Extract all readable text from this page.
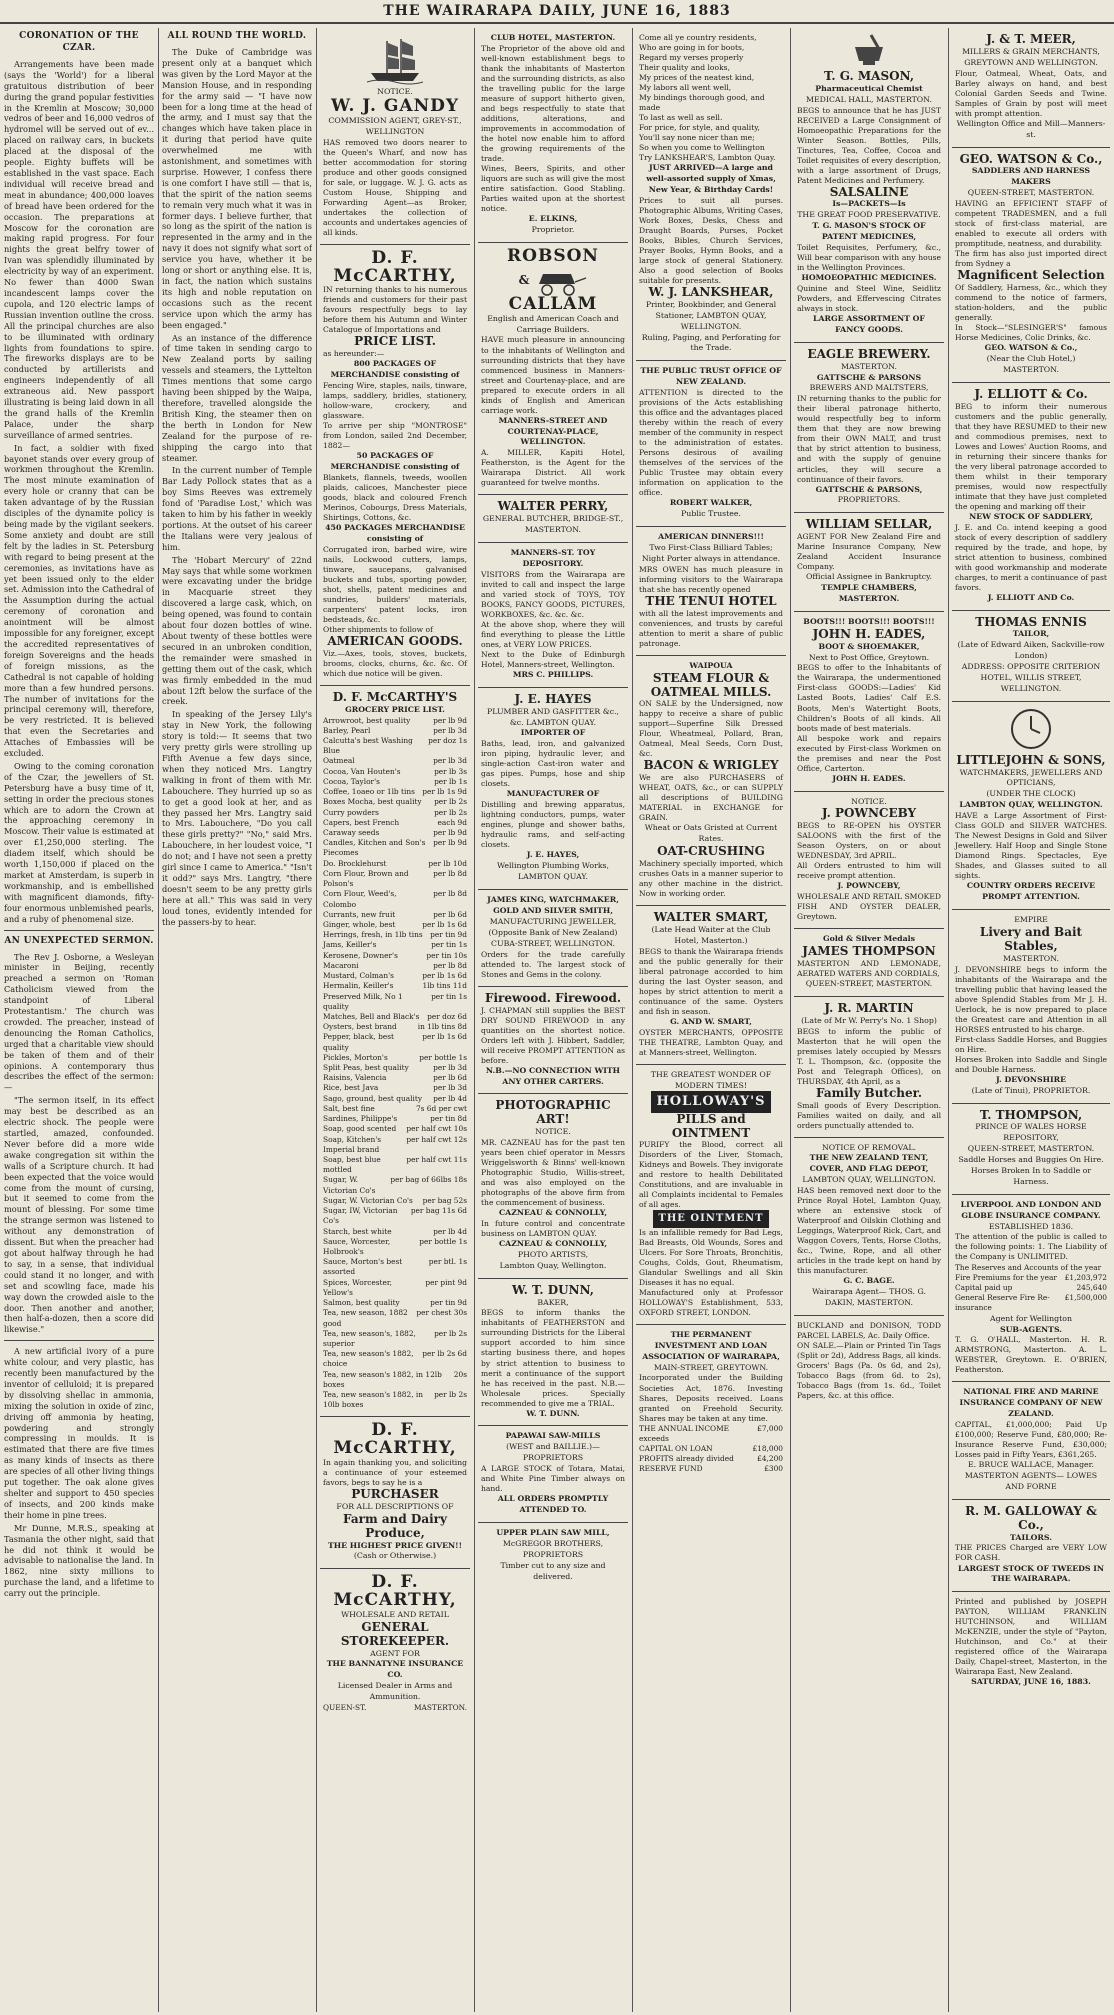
THE WAIRARAPA DAILY, JUNE 16, 1883
CORONATION OF THE CZAR.

Arrangements have been made (says the 'World') for a liberal gratuitous distribution of beer during the grand popular festivities in the Kremlin at Moscow; 30,000 vedros of beer and 16,000 vedros of hydromel will be served out of ev... placed on railway cars, in buckets placed at the disposal of the people. Eighty buffets will be established in the vast space. Each individual will receive bread and meat in abundance; 400,000 loaves of bread have been ordered for the occasion. The preparations at Moscow for the coronation are making rapid progress. For four nights the great belfry tower of Ivan was splendidly illuminated by electricity by way of an experiment. No fewer than 4000 Swan incandescent lamps cover the cupola, and 120 electric lamps of Russian invention outline the cross. All the principal churches are also to be illuminated with ordinary lights from foundations to spire. The fireworks displays are to be conducted by artillerists and engineers independently of all extraneous aid. New passport illustrating is being laid down in all the grand halls of the Kremlin Palace, under the sharp surveillance of armed sentries.

In fact, a soldier with fixed bayonet stands over every group of workmen throughout the Kremlin. The most minute examination of every hole or cranny that can be taken advantage of by the Russian disciples of the dynamite policy is being made by the vigilant seekers. Some anxiety and doubt are still felt by the ladies in St. Petersburg with regard to being present at the ceremonies, as invitations have as yet been issued only to the elder set. Admission into the Cathedral of the Assumption during the actual ceremony of coronation and anointment will be almost impossible for any foreigner, except the accredited representatives of foreign Sovereigns and the heads of foreign missions, as the Cathedral is not capable of holding more than a few hundred persons. The number of invitations for the principal ceremony will, therefore, be very restricted. It is believed that even the Secretaries and Attaches of Embassies will be excluded.

Owing to the coming coronation of the Czar, the jewellers of St. Petersburg have a busy time of it, setting in order the precious stones which are to adorn the Crown at the approaching ceremony in Moscow. Their value is estimated at over £1,250,000 sterling. The diadem itself, which should be worth 1,150,000 if placed on the market at Amsterdam, is superb in workmanship, and is embellished with magnificent diamonds, fifty-four enormous unblemished pearls, and a ruby of phenomenal size.

AN UNEXPECTED SERMON.

The Rev J. Osborne, a Wesleyan minister in Beijing, recently preached a sermon on 'Roman Catholicism viewed from the standpoint of Liberal Protestantism.' The church was crowded. The preacher, instead of denouncing the Roman Catholics, urged that a charitable view should be taken of them and of their opinions. A contemporary thus describes the effect of the sermon:—

"The sermon itself, in its effect may best be described as an electric shock. The people were startled, amazed, confounded. Never before did a more wide awake congregation sit within the walls of a Scripture church. It had been expected that the voice would come from the mount of cursing, but it seemed to come from the mount of blessing. For some time the strange sermon was listened to without any demonstration of dissent. But when the preacher had got about halfway through he had to say, in a sense, that individual could stand it no longer, and with set and scowling face, made his way down the crowded aisle to the door. Then another and another, then half-a-dozen, then a score did likewise."

A new artificial ivory of a pure white colour, and very plastic, has recently been manufactured by the inventor of celluloid; it is prepared by dissolving shellac in ammonia, mixing the solution in oxide of zinc, driving off ammonia by heating, powdering and strongly compressing in moulds. It is estimated that there are five times as many kinds of insects as there are species of all other living things put together. The oak alone gives shelter and support to 450 species of insects, and 200 kinds make their home in pine trees.

Mr Dunne, M.R.S., speaking at Tasmania the other night, said that he did not think it would be advisable to nationalise the land. In 1862, nine sixty millions to purchase the land, and a lifetime to carry out the principle.

ALL ROUND THE WORLD.

The Duke of Cambridge was present only at a banquet which was given by the Lord Mayor at the Mansion House, and in responding for the army said — "I have now been for a long time at the head of the army, and I must say that the changes which have taken place in it during that period have quite overwhelmed me with astonishment, and sometimes with surprise. However, I confess there is one comfort I have still — that is, that the spirit of the nation seems to remain very much what it was in former days. I believe further, that so long as the spirit of the nation is represented in the army and in the navy it does not signify what sort of service you have, whether it be long or short or anything else. It is, in fact, the nation which sustains its high and noble reputation on occasions such as the recent service upon which the army has been engaged."

As an instance of the difference of time taken in sending cargo to New Zealand ports by sailing vessels and steamers, the Lyttelton Times mentions that some cargo having been shipped by the Waipa, therefore, travelled alongside the British King, the steamer then on the berth in London for New Zealand for the purpose of re-shipping the cargo into that steamer.

In the current number of Temple Bar Lady Pollock states that as a boy Sims Reeves was extremely fond of 'Paradise Lost,' which was taken to him by his father in weekly portions. At the outset of his career the Italians were very jealous of him.

The 'Hobart Mercury' of 22nd May says that while some workmen were excavating under the bridge in Macquarie street they discovered a large cask, which, on being opened, was found to contain about four dozen bottles of wine. About twenty of these bottles were secured in an unbroken condition, the remainder were smashed in getting them out of the cask, which was firmly embedded in the mud about 12ft below the surface of the creek.

In speaking of the Jersey Lily's stay in New York, the following story is told:— It seems that two very pretty girls were strolling up Fifth Avenue a few days since, when they noticed Mrs. Langtry walking in front of them with Mr. Labouchere. They hurried up so as to get a good look at her, and as they passed her Mrs. Langtry said to Mrs. Labouchere, "Do you call these girls pretty?" "No," said Mrs. Labouchere, in her loudest voice, "I do not; and I have not seen a pretty girl since I came to America." "Isn't it odd?" says Mrs. Langtry, "there doesn't seem to be any pretty girls here at all." This was said in very loud tones, evidently intended for the passers-by to hear.

NOTICE.
W. J. GANDY
COMMISSION AGENT, GREY-ST., WELLINGTON

HAS removed two doors nearer to the Queen's Wharf, and now has better accommodation for storing produce and other goods consigned for sale, or luggage. W. J. G. acts as Custom House, Shipping and Forwarding Agent—as Broker, undertakes the collection of accounts and undertakes agencies of all kinds.

D. F. McCARTHY,

IN returning thanks to his numerous friends and customers for their past favours respectfully begs to lay before them his Autumn and Winter Catalogue of Importations and

PRICE LIST.

as hereunder:—

800 PACKAGES OF MERCHANDISE consisting of

Fencing Wire, staples, nails, tinware, lamps, saddlery, bridles, stationery, hollow-ware, crockery, and glassware.

To arrive per ship "MONTROSE" from London, sailed 2nd December, 1882—

50 PACKAGES OF MERCHANDISE consisting of

Blankets, flannels, tweeds, woollen plaids, calicoes, Manchester piece goods, black and coloured French Merinos, Cobourgs, Dress Materials, Shirtings, Cottons, &c.

450 PACKAGES MERCHANDISE consisting of

Corrugated iron, barbed wire, wire nails, Lockwood cutters, lamps, tinware, saucepans, galvanised buckets and tubs, sporting powder, shot, shells, patent medicines and sundries, builders' materials, carpenters' patent locks, iron bedsteads, &c.

Other shipments to follow of

AMERICAN GOODS.

Viz.—Axes, tools, stoves, buckets, brooms, clocks, churns, &c. &c. Of which due notice will be given.

D. F. McCARTHY'S
GROCERY PRICE LIST.
Arrowroot, best quality	per lb 9d
Barley, Pearl	per lb 3d
Calcutta's best Washing Blue
per doz 1s
Oatmeal	per lb 3d
Cocoa, Van Houten's	per lb 3s
Cocoa, Taylor's	per lb 1s
Coffee, 1oaeo or 1lb tins per lb 1s 9d
Boxes Mocha, best quality per lb 2s
Curry powders	per lb 2s
Capers, best French	each 9d
Caraway seeds	per lb 9d
Candles, Kitchen and Son's Piecomes
per lb 9d
Do. Brocklehurst	per lb 10d
Corn Flour, Brown and Polson's
per lb 8d
Corn Flour, Weed's, Colombo
per lb 8d
Currants, new fruit	per lb 6d
Ginger, whole, best	per lb 1s 6d
Herrings, fresh, in 1lb tins per tin 9d
Jams, Keiller's	per tin 1s
Kerosene, Downer's	per tin 10s
Macaroni	per lb 8d
Mustard, Colman's	per lb 1s 6d
Hermalin, Keiller's	1lb tins 11d
Preserved Milk, No 1 quality
per tin 1s
Matches, Bell and Black's per doz 6d
Oysters, best brand	in 1lb tins 8d
Pepper, black, best quality
per lb 1s 6d
Pickles, Morton's	per bottle 1s
Split Peas, best quality	per lb 3d
Raisins, Valencia	per lb 6d
Rice, best Java	per lb 3d
Sago, ground, best quality per lb 4d
Salt, best fine	7s 6d per cwt
Sardines, Philippe's	per tin 8d
Soap, good scented per half cwt 10s
Soap, Kitchen's Imperial brand
per half cwt 12s
Soap, best blue mottled
per half cwt 11s
Sugar, W. Victorian Co's
per bag of 66lbs 18s
Sugar, W. Victorian Co's per bag 52s
Sugar, IW, Victorian Co's
per bag 11s 6d
Starch, best white	per lb 4d
Sauce, Worcester, Holbrook's
per bottle 1s
Sauce, Morton's best assorted
per btl. 1s
Spices, Worcester, Yellow's
per pint 9d
Salmon, best quality	per tin 9d
Tea, new season, 1882 good
per chest 30s
Tea, new season's, 1882, superior
per lb 2s
Tea, new season's 1882, choice
per lb 2s 6d
Tea, new season's 1882, in 12lb boxes
20s
Tea, new season's 1882, in 10lb boxes
per lb 2s
D. F. McCARTHY,

In again thanking you, and soliciting a continuance of your esteemed favors, begs to say he is a

PURCHASER
FOR ALL DESCRIPTIONS OF
Farm and Dairy Produce,
THE HIGHEST PRICE GIVEN!!
(Cash or Otherwise.)
D. F. McCARTHY,
WHOLESALE AND RETAIL
GENERAL STOREKEEPER.
AGENT FOR
THE BANNATYNE INSURANCE CO.
Licensed Dealer in Arms and Ammunition.
QUEEN-ST.	MASTERTON.
CLUB HOTEL, MASTERTON.

The Proprietor of the above old and well-known establishment begs to thank the inhabitants of Masterton and the surrounding districts, as also the travelling public for the large measure of support hitherto given, and begs respectfully to state that additions, alterations, and improvements in accommodation of the hotel now enable him to afford the growing requirements of the trade.

Wines, Beers, Spirits, and other liquors are such as will give the most entire satisfaction. Good Stabling. Parties waited upon at the shortest notice.

E. ELKINS,
Proprietor.
ROBSON
&
CALLAM
English and American Coach and Carriage Builders.

HAVE much pleasure in announcing to the inhabitants of Wellington and surrounding districts that they have commenced business in Manners-street and Courtenay-place, and are prepared to execute orders in all kinds of English and American carriage work.

MANNERS-STREET AND COURTENAY-PLACE, WELLINGTON.

A. MILLER, Kapiti Hotel, Featherston, is the Agent for the Wairarapa District. All work guaranteed for twelve months.

WALTER PERRY,
GENERAL BUTCHER, BRIDGE-ST., MASTERTON.
MANNERS-ST. TOY DEPOSITORY.

VISITORS from the Wairarapa are invited to call and inspect the large and varied stock of TOYS, TOY BOOKS, FANCY GOODS, PICTURES, WORKBOXES, &c. &c. &c.

At the above shop, where they will find everything to please the Little ones, at VERY LOW PRICES.

Next to the Duke of Edinburgh Hotel, Manners-street, Wellington.

MRS C. PHILLIPS.
J. E. HAYES
PLUMBER AND GASFITTER &c., &c. LAMBTON QUAY.
IMPORTER OF

Baths, lead, iron, and galvanized iron piping, hydraulic lever, and single-action Cast-iron water and gas pipes. Pumps, hose and ship closets.

MANUFACTURER OF

Distilling and brewing apparatus, lightning conductors, pumps, water engines, plunge and shower baths, hydraulic rams, and self-acting closets.

J. E. HAYES,
Wellington Plumbing Works, LAMBTON QUAY.
JAMES KING, WATCHMAKER, GOLD AND SILVER SMITH,
MANUFACTURING JEWELLER, (Opposite Bank of New Zealand) CUBA-STREET, WELLINGTON.

Orders for the trade carefully attended to. The largest stock of Stones and Gems in the colony.

Firewood. Firewood.

J. CHAPMAN still supplies the BEST DRY SOUND FIREWOOD in any quantities on the shortest notice. Orders left with J. Hibbert, Saddler, will receive PROMPT ATTENTION as before.

N.B.—NO CONNECTION WITH ANY OTHER CARTERS.
PHOTOGRAPHIC ART!
NOTICE.

MR. CAZNEAU has for the past ten years been chief operator in Messrs Wriggelsworth & Binns' well-known Photographic Studio, Willis-street, and was also employed on the photographs of the above firm from the commencement of business.

CAZNEAU & CONNOLLY,

In future control and concentrate business on LAMBTON QUAY.

CAZNEAU & CONNOLLY,
PHOTO ARTISTS,
Lambton Quay, Wellington.
W. T. DUNN,
BAKER,

BEGS to inform thanks the inhabitants of FEATHERSTON and surrounding Districts for the Liberal support accorded to him since starting business there, and hopes by strict attention to business to merit a continuance of the support he has received in the past. N.B.—Wholesale prices. Specially recommended to give me a TRIAL.

W. T. DUNN.
PAPAWAI SAW-MILLS
(WEST and BAILLIE.)—PROPRIETORS

A LARGE STOCK of Totara, Matai, and White Pine Timber always on hand.

ALL ORDERS PROMPTLY ATTENDED TO.
UPPER PLAIN SAW MILL,
McGREGOR BROTHERS, PROPRIETORS
Timber cut to any size and delivered.

Come all ye country residents,
Who are going in for boots,
Regard my verses properly
Their quality and looks,
My prices of the neatest kind,
My labors all went well,
My bindings thorough good, and made
To last as well as sell.

For price, for style, and quality,
You'll say none nicer than me;
So when you come to Wellington
Try LANKSHEAR'S, Lambton Quay.

JUST ARRIVED—A large and well-assorted supply of Xmas, New Year, & Birthday Cards!

Prices to suit all purses. Photographic Albums, Writing Cases, Work Boxes, Desks, Chess and Draught Boards, Purses, Pocket Books, Bibles, Church Services, Prayer Books, Hymn Books, and a large stock of general Stationery. Also a good selection of Books suitable for presents.

W. J. LANKSHEAR,
Printer, Bookbinder, and General Stationer, LAMBTON QUAY, WELLINGTON.
Ruling, Paging, and Perforating for the Trade.
THE PUBLIC TRUST OFFICE OF NEW ZEALAND.

ATTENTION is directed to the provisions of the Acts establishing this office and the advantages placed thereby within the reach of every member of the community in respect to the administration of estates. Persons desirous of availing themselves of the services of the Public Trustee may obtain every information on application to the office.

ROBERT WALKER,
Public Trustee.
AMERICAN DINNERS!!!
Two First-Class Billiard Tables; Night Porter always in attendance.

MRS OWEN has much pleasure in informing visitors to the Wairarapa that she has recently opened

THE TENUI HOTEL

with all the latest improvements and conveniences, and trusts by careful attention to merit a share of public patronage.

WAIPOUA
STEAM FLOUR & OATMEAL MILLS.

ON SALE by the Undersigned, now happy to receive a share of public support—Superfine Silk Dressed Flour, Wheatmeal, Pollard, Bran, Oatmeal, Meal Seeds, Corn Dust, &c.

BACON & WRIGLEY

We are also PURCHASERS of WHEAT, OATS, &c., or can SUPPLY all descriptions of BUILDING MATERIAL in EXCHANGE for GRAIN.

Wheat or Oats Gristed at Current Rates.
OAT-CRUSHING

Machinery specially imported, which crushes Oats in a manner superior to any other machine in the district. Now in working order.

WALTER SMART,
(Late Head Waiter at the Club Hotel, Masterton.)

BEGS to thank the Wairarapa friends and the public generally for their liberal patronage accorded to him during the last Oyster season, and hopes by strict attention to merit a continuance of the same. Oysters and fish in season.

G. AND W. SMART,

OYSTER MERCHANTS, OPPOSITE THE THEATRE, Lambton Quay, and at Manners-street, Wellington.

THE GREATEST WONDER OF MODERN TIMES!
HOLLOWAY'S
PILLS and OINTMENT

PURIFY the Blood, correct all Disorders of the Liver, Stomach, Kidneys and Bowels. They invigorate and restore to health Debilitated Constitutions, and are invaluable in all Complaints incidental to Females of all ages.

THE OINTMENT

Is an infallible remedy for Bad Legs, Bad Breasts, Old Wounds, Sores and Ulcers. For Sore Throats, Bronchitis, Coughs, Colds, Gout, Rheumatism, Glandular Swellings and all Skin Diseases it has no equal.

Manufactured only at Professor HOLLOWAY'S Establishment, 533, OXFORD STREET, LONDON.

THE PERMANENT INVESTMENT AND LOAN ASSOCIATION OF WAIRARAPA,
MAIN-STREET, GREYTOWN.

Incorporated under the Building Societies Act, 1876. Investing Shares, Deposits received. Loans granted on Freehold Security. Shares may be taken at any time.

THE ANNUAL INCOME exceeds
£7,000
CAPITAL ON LOAN	£18,000
PROFITS already divided	£4,200
RESERVE FUND	£300
T. G. MASON,
Pharmaceutical Chemist
MEDICAL HALL, MASTERTON.

BEGS to announce that he has JUST RECEIVED a Large Consignment of Homoeopathic Preparations for the Winter Season. Bottles, Pills, Tinctures, Tea, Coffee, Cocoa and Toilet requisites of every description, with a large assortment of Drugs, Patent Medicines and Perfumery.

SALSALINE
Is—PACKETS—Is
THE GREAT FOOD PRESERVATIVE.
T. G. MASON'S STOCK OF PATENT MEDICINES,

Toilet Requisites, Perfumery, &c., Will bear comparison with any house in the Wellington Provinces.

HOMOEOPATHIC MEDICINES.

Quinine and Steel Wine, Seidlitz Powders, and Effervescing Citrates always in stock.

LARGE ASSORTMENT OF FANCY GOODS.
EAGLE BREWERY.
MASTERTON.
GATTSCHE & PARSONS
BREWERS AND MALTSTERS,

IN returning thanks to the public for their liberal patronage hitherto, would respectfully beg to inform them that they are now brewing from their OWN MALT, and trust that by strict attention to business, and with the supply of genuine articles, they will secure a continuance of their favors.

GATTSCHE & PARSONS,
PROPRIETORS.
WILLIAM SELLAR,

AGENT FOR New Zealand Fire and Marine Insurance Company, New Zealand Accident Insurance Company.

Official Assignee in Bankruptcy.
TEMPLE CHAMBERS, MASTERTON.
BOOTS!!! BOOTS!!! BOOTS!!!
JOHN H. EADES,
BOOT & SHOEMAKER,
Next to Post Office, Greytown.

BEGS to offer to the Inhabitants of the Wairarapa, the undermentioned First-class GOODS:—Ladies' Kid Lasted Boots, Ladies' Calf E.S. Boots, Men's Watertight Boots, Children's Boots of all kinds. All boots made of best materials.

All bespoke work and repairs executed by First-class Workmen on the premises and near the Post Office, Carterton.

JOHN H. EADES.
NOTICE.
J. POWNCEBY

BEGS to RE-OPEN his OYSTER SALOONS with the first of the Season Oysters, on or about WEDNESDAY, 3rd APRIL.

All Orders entrusted to him will receive prompt attention.

J. POWNCEBY,

WHOLESALE AND RETAIL SMOKED FISH AND OYSTER DEALER, Greytown.

Gold & Silver Medals
JAMES THOMPSON

MASTERTON AND LEMONADE, AERATED WATERS AND CORDIALS,

QUEEN-STREET, MASTERTON.
J. R. MARTIN
(Late of Mr W. Perry's No. 1 Shop)

BEGS to inform the public of Masterton that he will open the premises lately occupied by Messrs T. L. Thompson, &c. (opposite the Post and Telegraph Offices), on THURSDAY, 4th April, as a

Family Butcher.

Small goods of Every Description. Families waited on daily, and all orders punctually attended to.

NOTICE OF REMOVAL.
THE NEW ZEALAND TENT, COVER, AND FLAG DEPOT,
LAMBTON QUAY, WELLINGTON.

HAS been removed next door to the Prince Royal Hotel, Lambton Quay, where an extensive stock of Waterproof and Oilskin Clothing and Leggings, Waterproof Rick, Cart, and Waggon Covers, Tents, Horse Cloths, &c., Twine, Rope, and all other articles in the trade kept on hand by this manufacturer.

G. C. BAGE.
Wairarapa Agent— THOS. G. DAKIN, MASTERTON.

BUCKLAND and DONISON, TODD PARCEL LABELS, Ac. Daily Office.

ON SALE.—Plain or Printed Tin Tags (Split or 2d), Address Bags, all kinds. Grocers' Bags (Pa. 0s 6d, and 2s), Tobacco Bags (from 6d. to 2s), Tobacco Bags (from 1s. 6d., Toilet Papers, &c. at this office.

J. & T. MEER,
MILLERS & GRAIN MERCHANTS, GREYTOWN AND WELLINGTON.

Flour, Oatmeal, Wheat, Oats, and Barley always on hand, and best Colonial Garden Seeds and Twine. Samples of Grain by post will meet with prompt attention.

Wellington Office and Mill—Manners-st.
GEO. WATSON & Co.,
SADDLERS AND HARNESS MAKERS
QUEEN-STREET, MASTERTON.

HAVING an EFFICIENT STAFF of competent TRADESMEN, and a full stock of first-class material, are enabled to execute all orders with promptitude, neatness, and durability.

The firm has also just imported direct from Sydney a

Magnificent Selection

Of Saddlery, Harness, &c., which they commend to the notice of farmers, station-holders, and the public generally.

In Stock—"SLESINGER'S" famous Horse Medicines, Colic Drinks, &c.

GEO. WATSON & Co.,
(Near the Club Hotel,)
MASTERTON.
J. ELLIOTT & Co.

BEG to inform their numerous customers and the public generally, that they have RESUMED to their new and commodious premises, next to Lowes and Lowes' Auction Rooms, and in returning their sincere thanks for the very liberal patronage accorded to them whilst in their temporary premises, would now respectfully intimate that they have just completed the opening and marking off their

NEW STOCK OF SADDLERY,

J. E. and Co. intend keeping a good stock of every description of saddlery required by the trade, and hope, by strict attention to business, combined with good workmanship and moderate charges, to merit a continuance of past favors.

J. ELLIOTT AND Co.
THOMAS ENNIS
TAILOR,
(Late of Edward Aiken, Sackville-row London)
ADDRESS: OPPOSITE CRITERION HOTEL, WILLIS STREET,
WELLINGTON.
LITTLEJOHN & SONS,
WATCHMAKERS, JEWELLERS AND OPTICIANS,
(UNDER THE CLOCK)
LAMBTON QUAY, WELLINGTON.

HAVE a Large Assortment of First-Class GOLD and SILVER WATCHES. The Newest Designs in Gold and Silver Jewellery. Half Hoop and Single Stone Diamond Rings. Spectacles, Eye Shades, and Glasses suited to all sights.

COUNTRY ORDERS RECEIVE PROMPT ATTENTION.
EMPIRE
Livery and Bait Stables,
MASTERTON.

J. DEVONSHIRE begs to inform the inhabitants of the Wairarapa and the travelling public that having leased the above Splendid Stables from Mr J. H. Uerlock, he is now prepared to place the Greatest care and Attention in all HORSES entrusted to his charge.

First-class Saddle Horses, and Buggies on Hire.

Horses Broken into Saddle and Single and Double Harness.

J. DEVONSHIRE
(Late of Tinui), PROPRIETOR.
T. THOMPSON,
PRINCE OF WALES HORSE REPOSITORY,
QUEEN-STREET, MASTERTON.
Saddle Horses and Buggies On Hire.
Horses Broken In to Saddle or Harness.
LIVERPOOL AND LONDON AND GLOBE INSURANCE COMPANY.
ESTABLISHED 1836.

The attention of the public is called to the following points: 1. The Liability of the Company is UNLIMITED.

The Reserves and Accounts of the year
Fire Premiums for the year £1,203,972
Capital paid up	245,640
General Reserve Fire Re-insurance
£1,500,000
Agent for Wellington
SUB-AGENTS.

T. G. O'HALL, Masterton. H. R. ARMSTRONG, Masterton. A. L. WEBSTER, Greytown. E. O'BRIEN, Featherston.

NATIONAL FIRE AND MARINE INSURANCE COMPANY OF NEW ZEALAND.

CAPITAL, £1,000,000; Paid Up £100,000; Reserve Fund, £80,000; Re-Insurance Reserve Fund, £30,000; Losses paid in Fifty Years, £361,265.

E. BRUCE WALLACE, Manager.
MASTERTON AGENTS— LOWES AND FORNE
R. M. GALLOWAY & Co.,
TAILORS.

THE PRICES Charged are VERY LOW FOR CASH.

LARGEST STOCK OF TWEEDS IN THE WAIRARAPA.

Printed and published by JOSEPH PAYTON, WILLIAM FRANKLIN HUTCHINSON, and WILLIAM McKENZIE, under the style of "Payton, Hutchinson, and Co." at their registered office of the Wairarapa Daily, Chapel-street, Masterton, in the Wairarapa East, New Zealand.

SATURDAY, JUNE 16, 1883.
